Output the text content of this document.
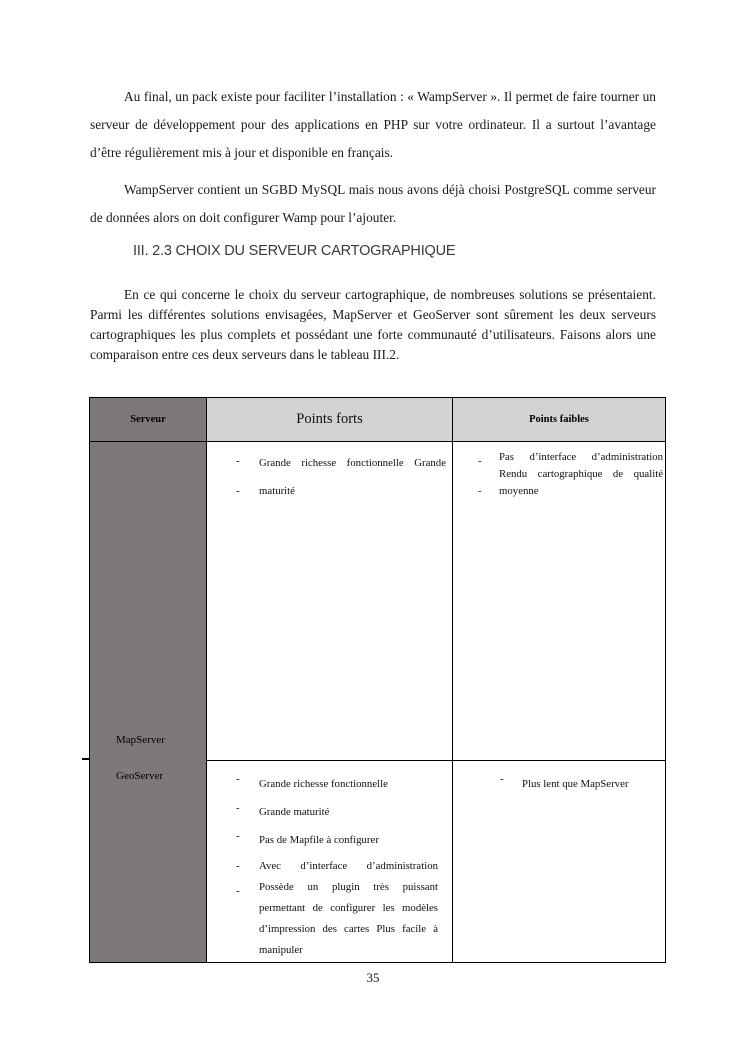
Au final, un pack existe pour faciliter l’installation : « WampServer ». Il permet de faire tourner un serveur de développement pour des applications en PHP sur votre ordinateur. Il a surtout l’avantage d’être régulièrement mis à jour et disponible en français.

WampServer contient un SGBD MySQL mais nous avons déjà choisi PostgreSQL comme serveur de données alors on doit configurer Wamp pour l’ajouter.

III. 2.3 CHOIX DU SERVEUR CARTOGRAPHIQUE

En ce qui concerne le choix du serveur cartographique, de nombreuses solutions se présentaient. Parmi les différentes solutions envisagées, MapServer et GeoServer sont sûrement les deux serveurs cartographiques les plus complets et possédant une forte communauté d’utilisateurs. Faisons alors une comparaison entre ces deux serveurs dans le tableau III.2.

Serveur	Points forts	Points faibles
MapServer
GeoServer
-
-
Grande richesse fonctionnelle Grande maturité
-
-
Pas d’interface d’administration Rendu cartographique de qualité moyenne
-
-
-
-
-
Grande richesse fonctionnelle
Grande maturité
Pas de Mapfile à configurer
Avec d’interface d’administration Possède un plugin très puissant permettant de configurer les modèles d’impression des cartes Plus facile à manipuler
- Plus lent que MapServer
35
